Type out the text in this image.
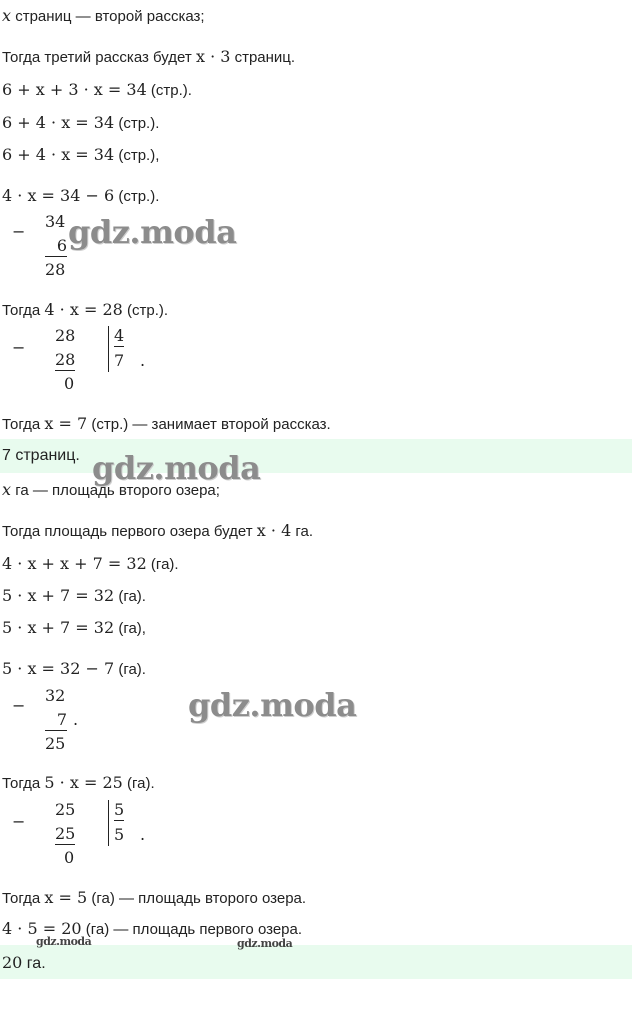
x страниц — второй рассказ;
Тогда третий рассказ будет x · 3 страниц.
6 + x + 3 · x = 34 (стр.).
6 + 4 · x = 34 (стр.).
6 + 4 · x = 34 (стр.),
4 · x = 34 − 6 (стр.).
−
34
6
28
Тогда 4 · x = 28 (стр.).
−
28
28
0
4
7 .
Тогда x = 7 (стр.) — занимает второй рассказ.
7 страниц.
x га — площадь второго озера;
Тогда площадь первого озера будет x · 4 га.
4 · x + x + 7 = 32 (га).
5 · x + 7 = 32 (га).
5 · x + 7 = 32 (га),
5 · x = 32 − 7 (га).
−
32
7 .
25
Тогда 5 · x = 25 (га).
−
25
25
0
5
5 .
Тогда x = 5 (га) — площадь второго озера.
4 · 5 = 20 (га) — площадь первого озера.
20 га.
gdz.moda
gdz.moda
gdz.moda
gdz.moda	gdz.moda
